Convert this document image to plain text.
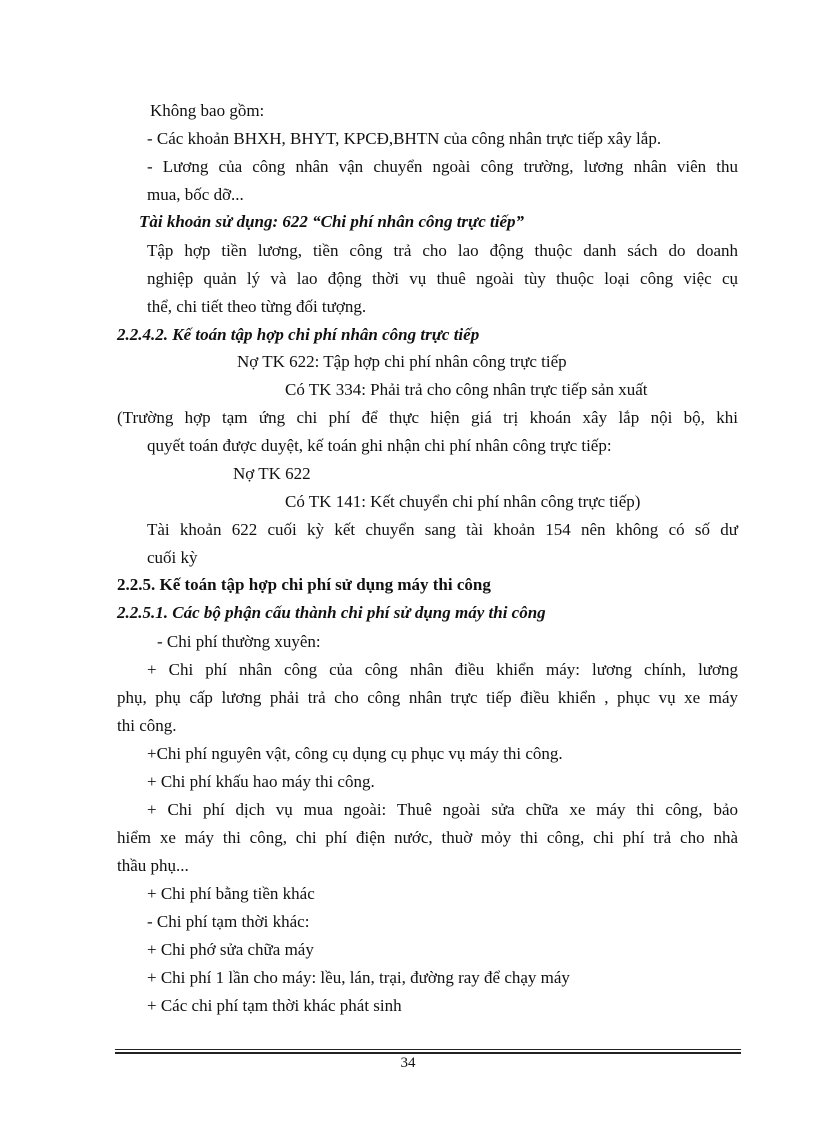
Không bao gồm:
- Các khoản BHXH, BHYT, KPCĐ,BHTN của công nhân trực tiếp xây lắp.
- Lương của công nhân vận chuyển ngoài công trường, lương nhân viên thu
mua, bốc dỡ...
Tài khoản sử dụng: 622 “Chi phí nhân công trực tiếp”
Tập hợp tiền lương, tiền công trả cho lao động thuộc danh sách do doanh
nghiệp quản lý và lao động thời vụ thuê ngoài tùy thuộc loại công việc cụ
thể, chi tiết theo từng đối tượng.
2.2.4.2. Kế toán tập hợp chi phí nhân công trực tiếp
Nợ TK 622: Tập hợp chi phí nhân công trực tiếp
Có TK 334: Phải trả cho công nhân trực tiếp sản xuất
(Trường hợp tạm ứng chi phí để thực hiện giá trị khoán xây lắp nội bộ, khi
quyết toán được duyệt, kế toán ghi nhận chi phí nhân công trực tiếp:
Nợ TK 622
Có TK 141: Kết chuyển chi phí nhân công trực tiếp)
Tài khoản 622 cuối kỳ kết chuyển sang tài khoản 154 nên không có số dư
cuối kỳ
2.2.5. Kế toán tập hợp chi phí sử dụng máy thi công
2.2.5.1. Các bộ phận cấu thành chi phí sử dụng máy thi công
- Chi phí thường xuyên:
+ Chi phí nhân công của công nhân điều khiển máy: lương chính, lương
phụ, phụ cấp lương phải trả cho công nhân trực tiếp điều khiển , phục vụ xe máy
thi công.
+Chi phí nguyên vật, công cụ dụng cụ phục vụ máy thi công.
+ Chi phí khấu hao máy thi công.
+ Chi phí dịch vụ mua ngoài: Thuê ngoài sửa chữa xe máy thi công, bảo
hiểm xe máy thi công, chi phí điện nước, thuờ mỏy thi công, chi phí trả cho nhà
thầu phụ...
+ Chi phí bằng tiền khác
- Chi phí tạm thời khác:
+ Chi phớ sửa chữa máy
+ Chi phí 1 lần cho máy: lều, lán, trại, đường ray để chạy máy
+ Các chi phí tạm thời khác phát sinh
34
